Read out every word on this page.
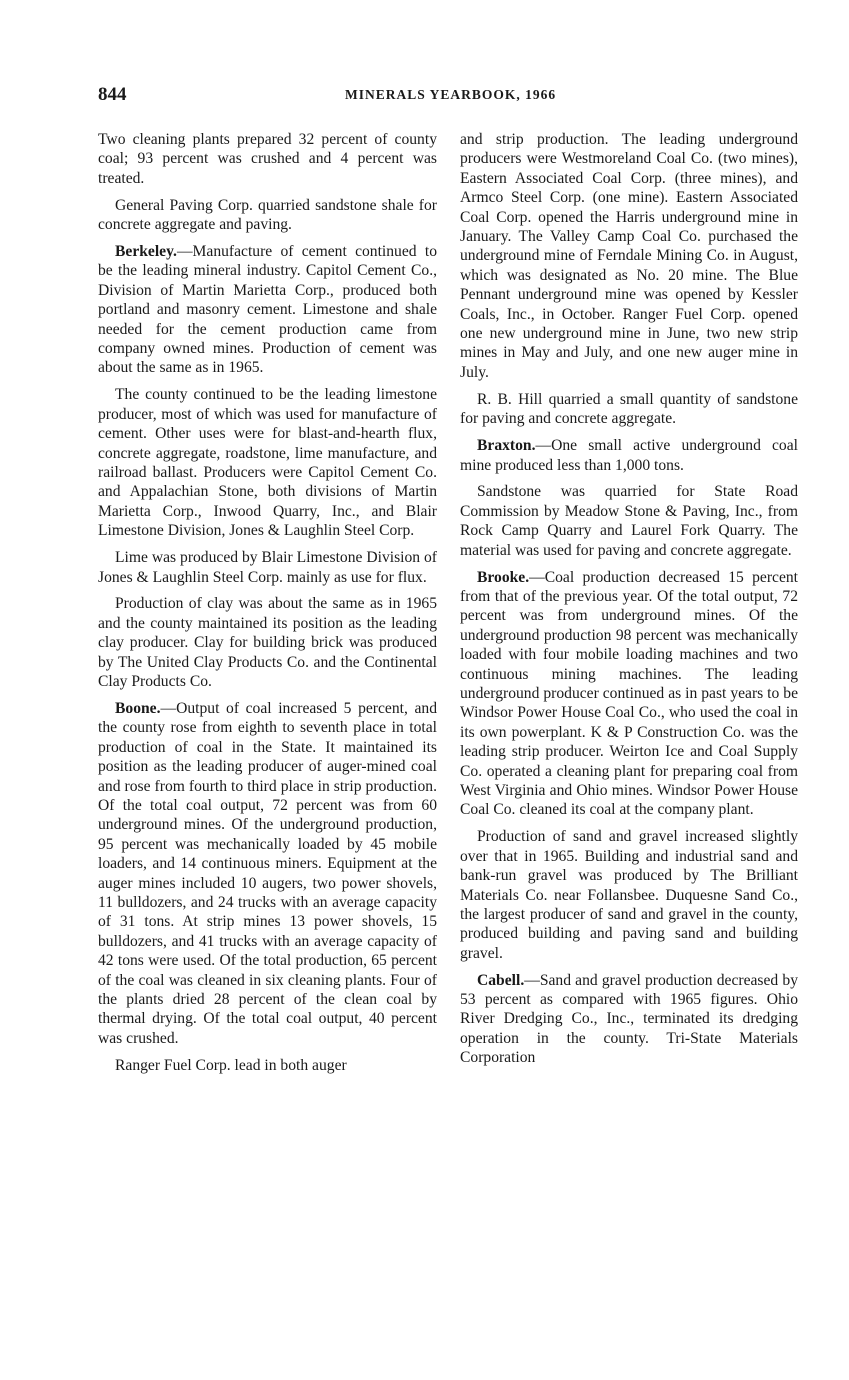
844	MINERALS YEARBOOK, 1966

Two cleaning plants prepared 32 percent of county coal; 93 percent was crushed and 4 percent was treated.

General Paving Corp. quarried sandstone shale for concrete aggregate and paving.

Berkeley.—Manufacture of cement continued to be the leading mineral industry. Capitol Cement Co., Division of Martin Marietta Corp., produced both portland and masonry cement. Limestone and shale needed for the cement production came from company owned mines. Production of cement was about the same as in 1965.

The county continued to be the leading limestone producer, most of which was used for manufacture of cement. Other uses were for blast-and-hearth flux, concrete aggregate, roadstone, lime manufacture, and railroad ballast. Producers were Capitol Cement Co. and Appalachian Stone, both divisions of Martin Marietta Corp., Inwood Quarry, Inc., and Blair Limestone Division, Jones & Laughlin Steel Corp.

Lime was produced by Blair Limestone Division of Jones & Laughlin Steel Corp. mainly as use for flux.

Production of clay was about the same as in 1965 and the county maintained its position as the leading clay producer. Clay for building brick was produced by The United Clay Products Co. and the Continental Clay Products Co.

Boone.—Output of coal increased 5 percent, and the county rose from eighth to seventh place in total production of coal in the State. It maintained its position as the leading producer of auger-mined coal and rose from fourth to third place in strip production. Of the total coal output, 72 percent was from 60 underground mines. Of the underground production, 95 percent was mechanically loaded by 45 mobile loaders, and 14 continuous miners. Equipment at the auger mines included 10 augers, two power shovels, 11 bulldozers, and 24 trucks with an average capacity of 31 tons. At strip mines 13 power shovels, 15 bulldozers, and 41 trucks with an average capacity of 42 tons were used. Of the total production, 65 percent of the coal was cleaned in six cleaning plants. Four of the plants dried 28 percent of the clean coal by thermal drying. Of the total coal output, 40 percent was crushed.

Ranger Fuel Corp. lead in both auger

and strip production. The leading underground producers were Westmoreland Coal Co. (two mines), Eastern Associated Coal Corp. (three mines), and Armco Steel Corp. (one mine). Eastern Associated Coal Corp. opened the Harris underground mine in January. The Valley Camp Coal Co. purchased the underground mine of Ferndale Mining Co. in August, which was designated as No. 20 mine. The Blue Pennant underground mine was opened by Kessler Coals, Inc., in October. Ranger Fuel Corp. opened one new underground mine in June, two new strip mines in May and July, and one new auger mine in July.

R. B. Hill quarried a small quantity of sandstone for paving and concrete aggregate.

Braxton.—One small active underground coal mine produced less than 1,000 tons.

Sandstone was quarried for State Road Commission by Meadow Stone & Paving, Inc., from Rock Camp Quarry and Laurel Fork Quarry. The material was used for paving and concrete aggregate.

Brooke.—Coal production decreased 15 percent from that of the previous year. Of the total output, 72 percent was from underground mines. Of the underground production 98 percent was mechanically loaded with four mobile loading machines and two continuous mining machines. The leading underground producer continued as in past years to be Windsor Power House Coal Co., who used the coal in its own powerplant. K & P Construction Co. was the leading strip producer. Weirton Ice and Coal Supply Co. operated a cleaning plant for preparing coal from West Virginia and Ohio mines. Windsor Power House Coal Co. cleaned its coal at the company plant.

Production of sand and gravel increased slightly over that in 1965. Building and industrial sand and bank-run gravel was produced by The Brilliant Materials Co. near Follansbee. Duquesne Sand Co., the largest producer of sand and gravel in the county, produced building and paving sand and building gravel.

Cabell.—Sand and gravel production decreased by 53 percent as compared with 1965 figures. Ohio River Dredging Co., Inc., terminated its dredging operation in the county. Tri-State Materials Corporation
